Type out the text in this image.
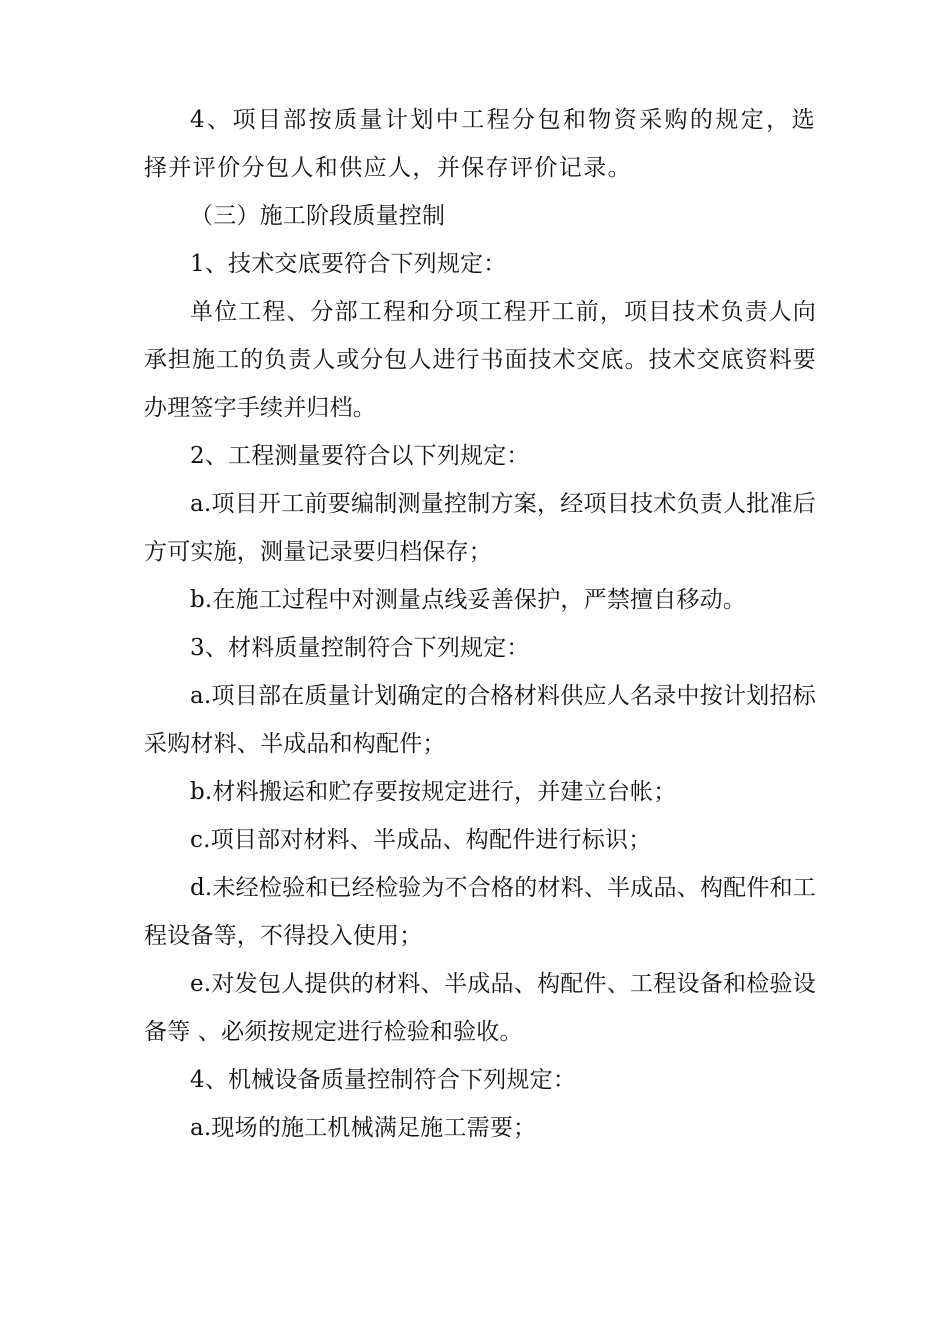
4、项目部按质量计划中工程分包和物资采购的规定，选择并评价分包人和供应人，并保存评价记录。

（三）施工阶段质量控制

1、技术交底要符合下列规定：

单位工程、分部工程和分项工程开工前，项目技术负责人向承担施工的负责人或分包人进行书面技术交底。技术交底资料要办理签字手续并归档。

2、工程测量要符合以下列规定：

a.项目开工前要编制测量控制方案，经项目技术负责人批准后方可实施，测量记录要归档保存；

b.在施工过程中对测量点线妥善保护，严禁擅自移动。

3、材料质量控制符合下列规定：

a.项目部在质量计划确定的合格材料供应人名录中按计划招标采购材料、半成品和构配件；

b.材料搬运和贮存要按规定进行，并建立台帐；

c.项目部对材料、半成品、构配件进行标识；

d.未经检验和已经检验为不合格的材料、半成品、构配件和工程设备等，不得投入使用；

e.对发包人提供的材料、半成品、构配件、工程设备和检验设备等 、必须按规定进行检验和验收。

4、机械设备质量控制符合下列规定：

a.现场的施工机械满足施工需要；
